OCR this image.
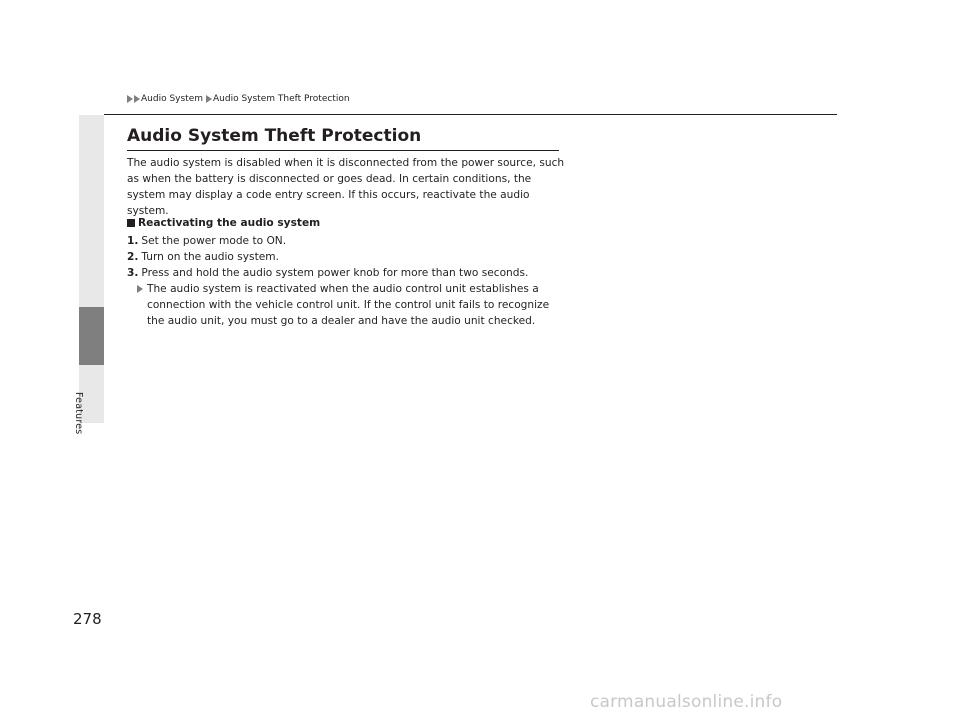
Features
Audio System Audio System Theft Protection
Audio System Theft Protection

The audio system is disabled when it is disconnected from the power source, such as when the battery is disconnected or goes dead. In certain conditions, the system may display a code entry screen. If this occurs, reactivate the audio system.

Reactivating the audio system
1. Set the power mode to ON.
2. Turn on the audio system.
3. Press and hold the audio system power knob for more than two seconds.
The audio system is reactivated when the audio control unit establishes a connection with the vehicle control unit. If the control unit fails to recognize the audio unit, you must go to a dealer and have the audio unit checked.
278
carmanualsonline.info
